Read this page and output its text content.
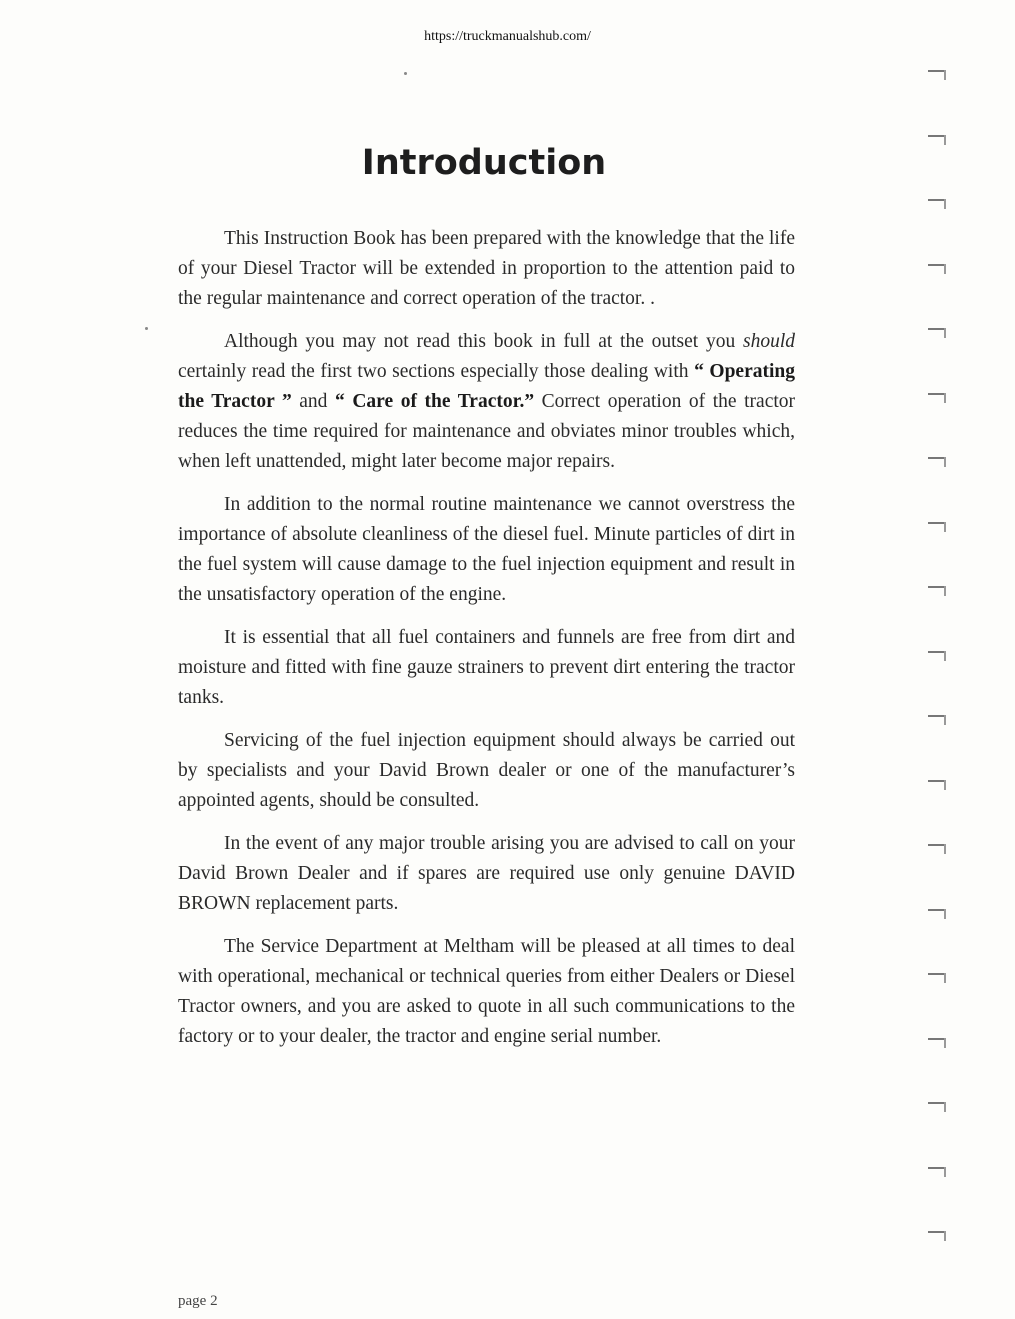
https://truckmanualshub.com/
Introduction

This Instruction Book has been prepared with the knowledge that the life of your Diesel Tractor will be extended in proportion to the attention paid to the regular maintenance and correct operation of the tractor. .

Although you may not read this book in full at the outset you should certainly read the first two sections especially those dealing with “ Operating the Tractor ” and “ Care of the Tractor.” Correct operation of the tractor reduces the time required for maintenance and obviates minor troubles which, when left unattended, might later become major repairs.

In addition to the normal routine maintenance we cannot overstress the importance of absolute cleanliness of the diesel fuel. Minute particles of dirt in the fuel system will cause damage to the fuel injection equipment and result in the unsatisfactory operation of the engine.

It is essential that all fuel containers and funnels are free from dirt and moisture and fitted with fine gauze strainers to prevent dirt entering the tractor tanks.

Servicing of the fuel injection equipment should always be carried out by specialists and your David Brown dealer or one of the manufacturer’s appointed agents, should be consulted.

In the event of any major trouble arising you are advised to call on your David Brown Dealer and if spares are required use only genuine DAVID BROWN replacement parts.

The Service Department at Meltham will be pleased at all times to deal with operational, mechanical or technical queries from either Dealers or Diesel Tractor owners, and you are asked to quote in all such communications to the factory or to your dealer, the tractor and engine serial number.

page 2
